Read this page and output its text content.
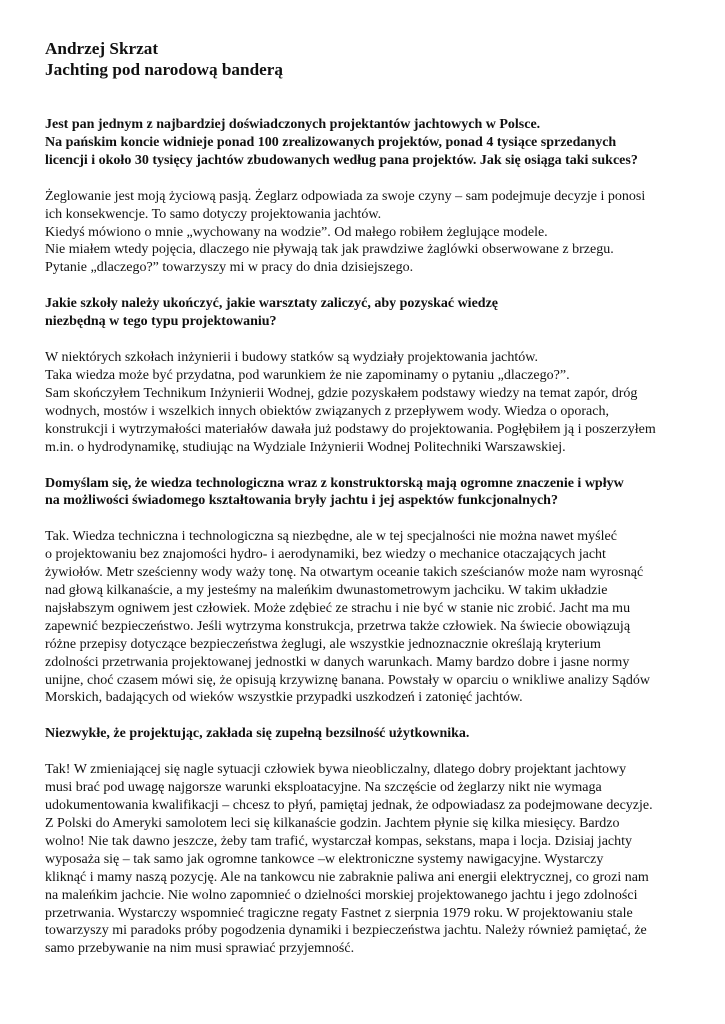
Andrzej Skrzat
Jachting pod narodową banderą
Jest pan jednym z najbardziej doświadczonych projektantów jachtowych w Polsce.
Na pańskim koncie widnieje ponad 100 zrealizowanych projektów, ponad 4 tysiące sprzedanych
licencji i około 30 tysięcy jachtów zbudowanych według pana projektów. Jak się osiąga taki sukces?
Żeglowanie jest moją życiową pasją. Żeglarz odpowiada za swoje czyny – sam podejmuje decyzje i ponosi
ich konsekwencje. To samo dotyczy projektowania jachtów.
Kiedyś mówiono o mnie „wychowany na wodzie”. Od małego robiłem żeglujące modele.
Nie miałem wtedy pojęcia, dlaczego nie pływają tak jak prawdziwe żaglówki obserwowane z brzegu.
Pytanie „dlaczego?” towarzyszy mi w pracy do dnia dzisiejszego.
Jakie szkoły należy ukończyć, jakie warsztaty zaliczyć, aby pozyskać wiedzę
niezbędną w tego typu projektowaniu?
W niektórych szkołach inżynierii i budowy statków są wydziały projektowania jachtów.
Taka wiedza może być przydatna, pod warunkiem że nie zapominamy o pytaniu „dlaczego?”.
Sam skończyłem Technikum Inżynierii Wodnej, gdzie pozyskałem podstawy wiedzy na temat zapór, dróg
wodnych, mostów i wszelkich innych obiektów związanych z przepływem wody. Wiedza o oporach,
konstrukcji i wytrzymałości materiałów dawała już podstawy do projektowania. Pogłębiłem ją i poszerzyłem
m.in. o hydrodynamikę, studiując na Wydziale Inżynierii Wodnej Politechniki Warszawskiej.
Domyślam się, że wiedza technologiczna wraz z konstruktorską mają ogromne znaczenie i wpływ
na możliwości świadomego kształtowania bryły jachtu i jej aspektów funkcjonalnych?
Tak. Wiedza techniczna i technologiczna są niezbędne, ale w tej specjalności nie można nawet myśleć
o projektowaniu bez znajomości hydro- i aerodynamiki, bez wiedzy o mechanice otaczających jacht
żywiołów. Metr sześcienny wody waży tonę. Na otwartym oceanie takich sześcianów może nam wyrosnąć
nad głową kilkanaście, a my jesteśmy na maleńkim dwunastometrowym jachciku. W takim układzie
najsłabszym ogniwem jest człowiek. Może zdębieć ze strachu i nie być w stanie nic zrobić. Jacht ma mu
zapewnić bezpieczeństwo. Jeśli wytrzyma konstrukcja, przetrwa także człowiek. Na świecie obowiązują
różne przepisy dotyczące bezpieczeństwa żeglugi, ale wszystkie jednoznacznie określają kryterium
zdolności przetrwania projektowanej jednostki w danych warunkach. Mamy bardzo dobre i jasne normy
unijne, choć czasem mówi się, że opisują krzywiznę banana. Powstały w oparciu o wnikliwe analizy Sądów
Morskich, badających od wieków wszystkie przypadki uszkodzeń i zatonięć jachtów.
Niezwykłe, że projektując, zakłada się zupełną bezsilność użytkownika.
Tak! W zmieniającej się nagle sytuacji człowiek bywa nieobliczalny, dlatego dobry projektant jachtowy
musi brać pod uwagę najgorsze warunki eksploatacyjne. Na szczęście od żeglarzy nikt nie wymaga
udokumentowania kwalifikacji – chcesz to płyń, pamiętaj jednak, że odpowiadasz za podejmowane decyzje.
Z Polski do Ameryki samolotem leci się kilkanaście godzin. Jachtem płynie się kilka miesięcy. Bardzo
wolno! Nie tak dawno jeszcze, żeby tam trafić, wystarczał kompas, sekstans, mapa i locja. Dzisiaj jachty
wyposaża się – tak samo jak ogromne tankowce –w elektroniczne systemy nawigacyjne. Wystarczy
kliknąć i mamy naszą pozycję. Ale na tankowcu nie zabraknie paliwa ani energii elektrycznej, co grozi nam
na maleńkim jachcie. Nie wolno zapomnieć o dzielności morskiej projektowanego jachtu i jego zdolności
przetrwania. Wystarczy wspomnieć tragiczne regaty Fastnet z sierpnia 1979 roku. W projektowaniu stale
towarzyszy mi paradoks próby pogodzenia dynamiki i bezpieczeństwa jachtu. Należy również pamiętać, że
samo przebywanie na nim musi sprawiać przyjemność.
